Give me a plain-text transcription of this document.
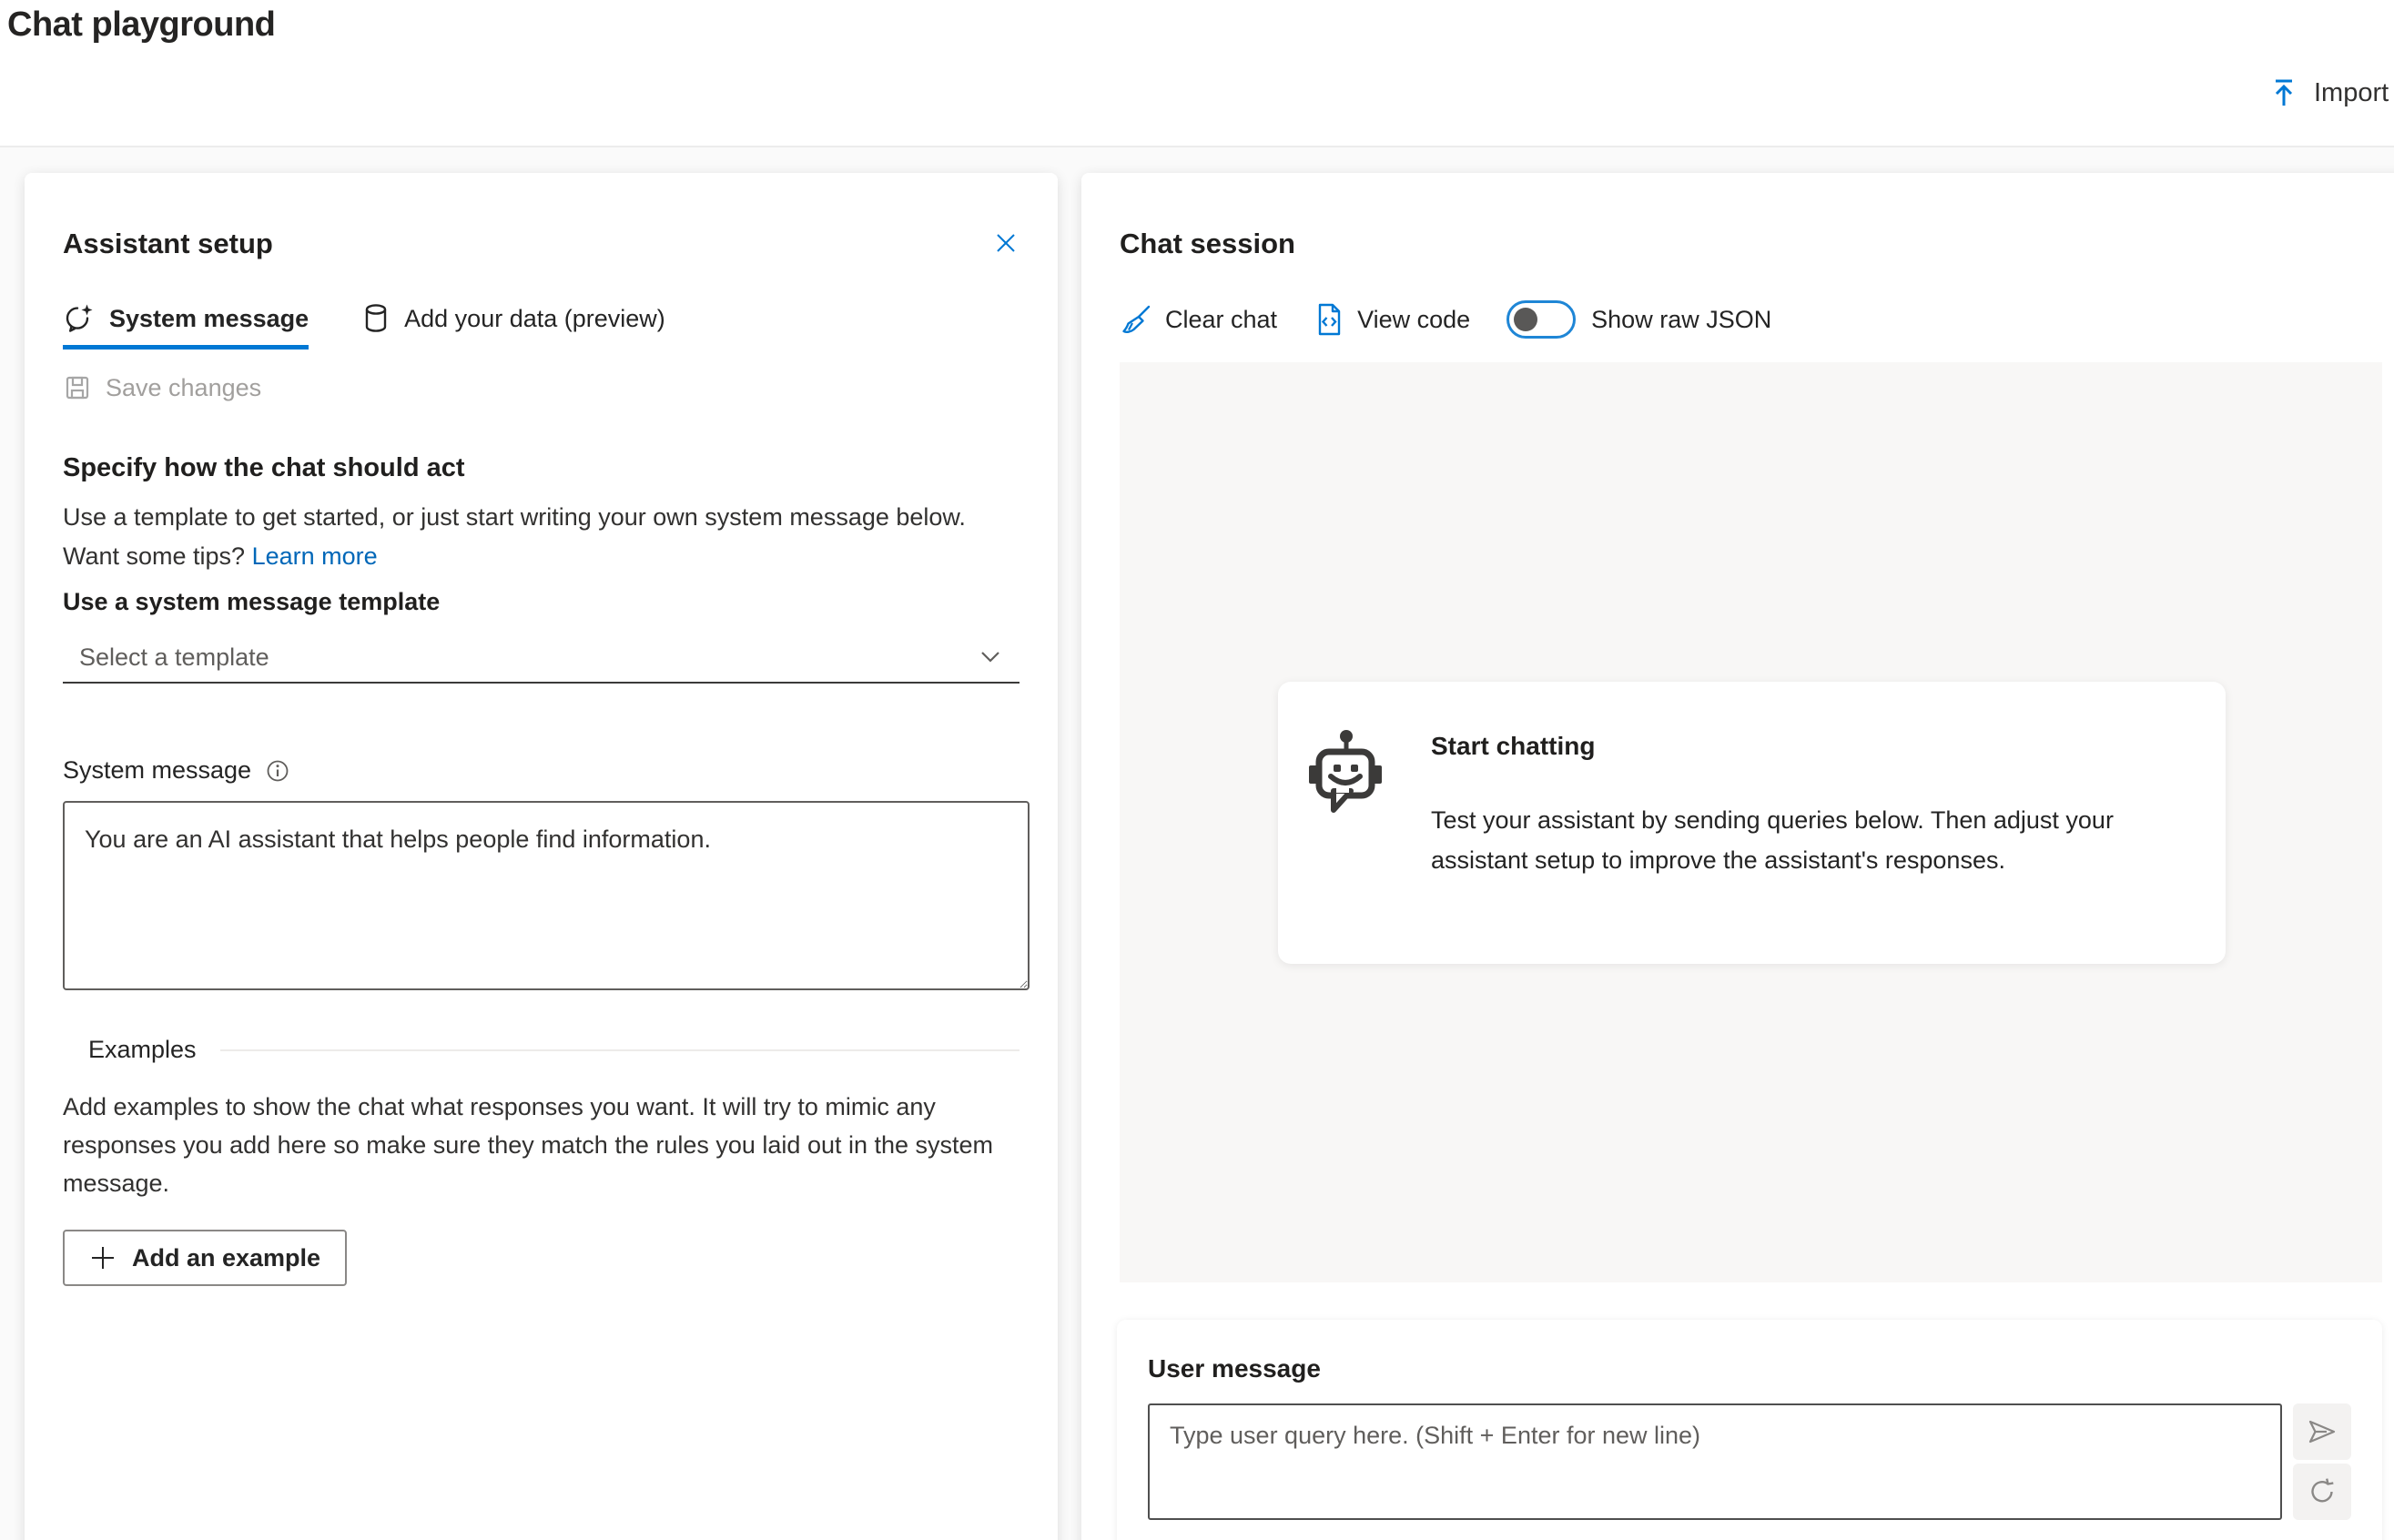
Chat playground
Import
Assistant setup
System message	Add your data (preview)
Save changes
Specify how the chat should act
Use a template to get started, or just start writing your own system message below. Want some tips? Learn more
Use a system message template
Select a template
System message
You are an AI assistant that helps people find information.
Examples
Add examples to show the chat what responses you want. It will try to mimic any responses you add here so make sure they match the rules you laid out in the system message.
Add an example
Chat session
Clear chat	View code	Show raw JSON
Start chatting
Test your assistant by sending queries below. Then adjust your assistant setup to improve the assistant's responses.
User message
Type user query here. (Shift + Enter for new line)
